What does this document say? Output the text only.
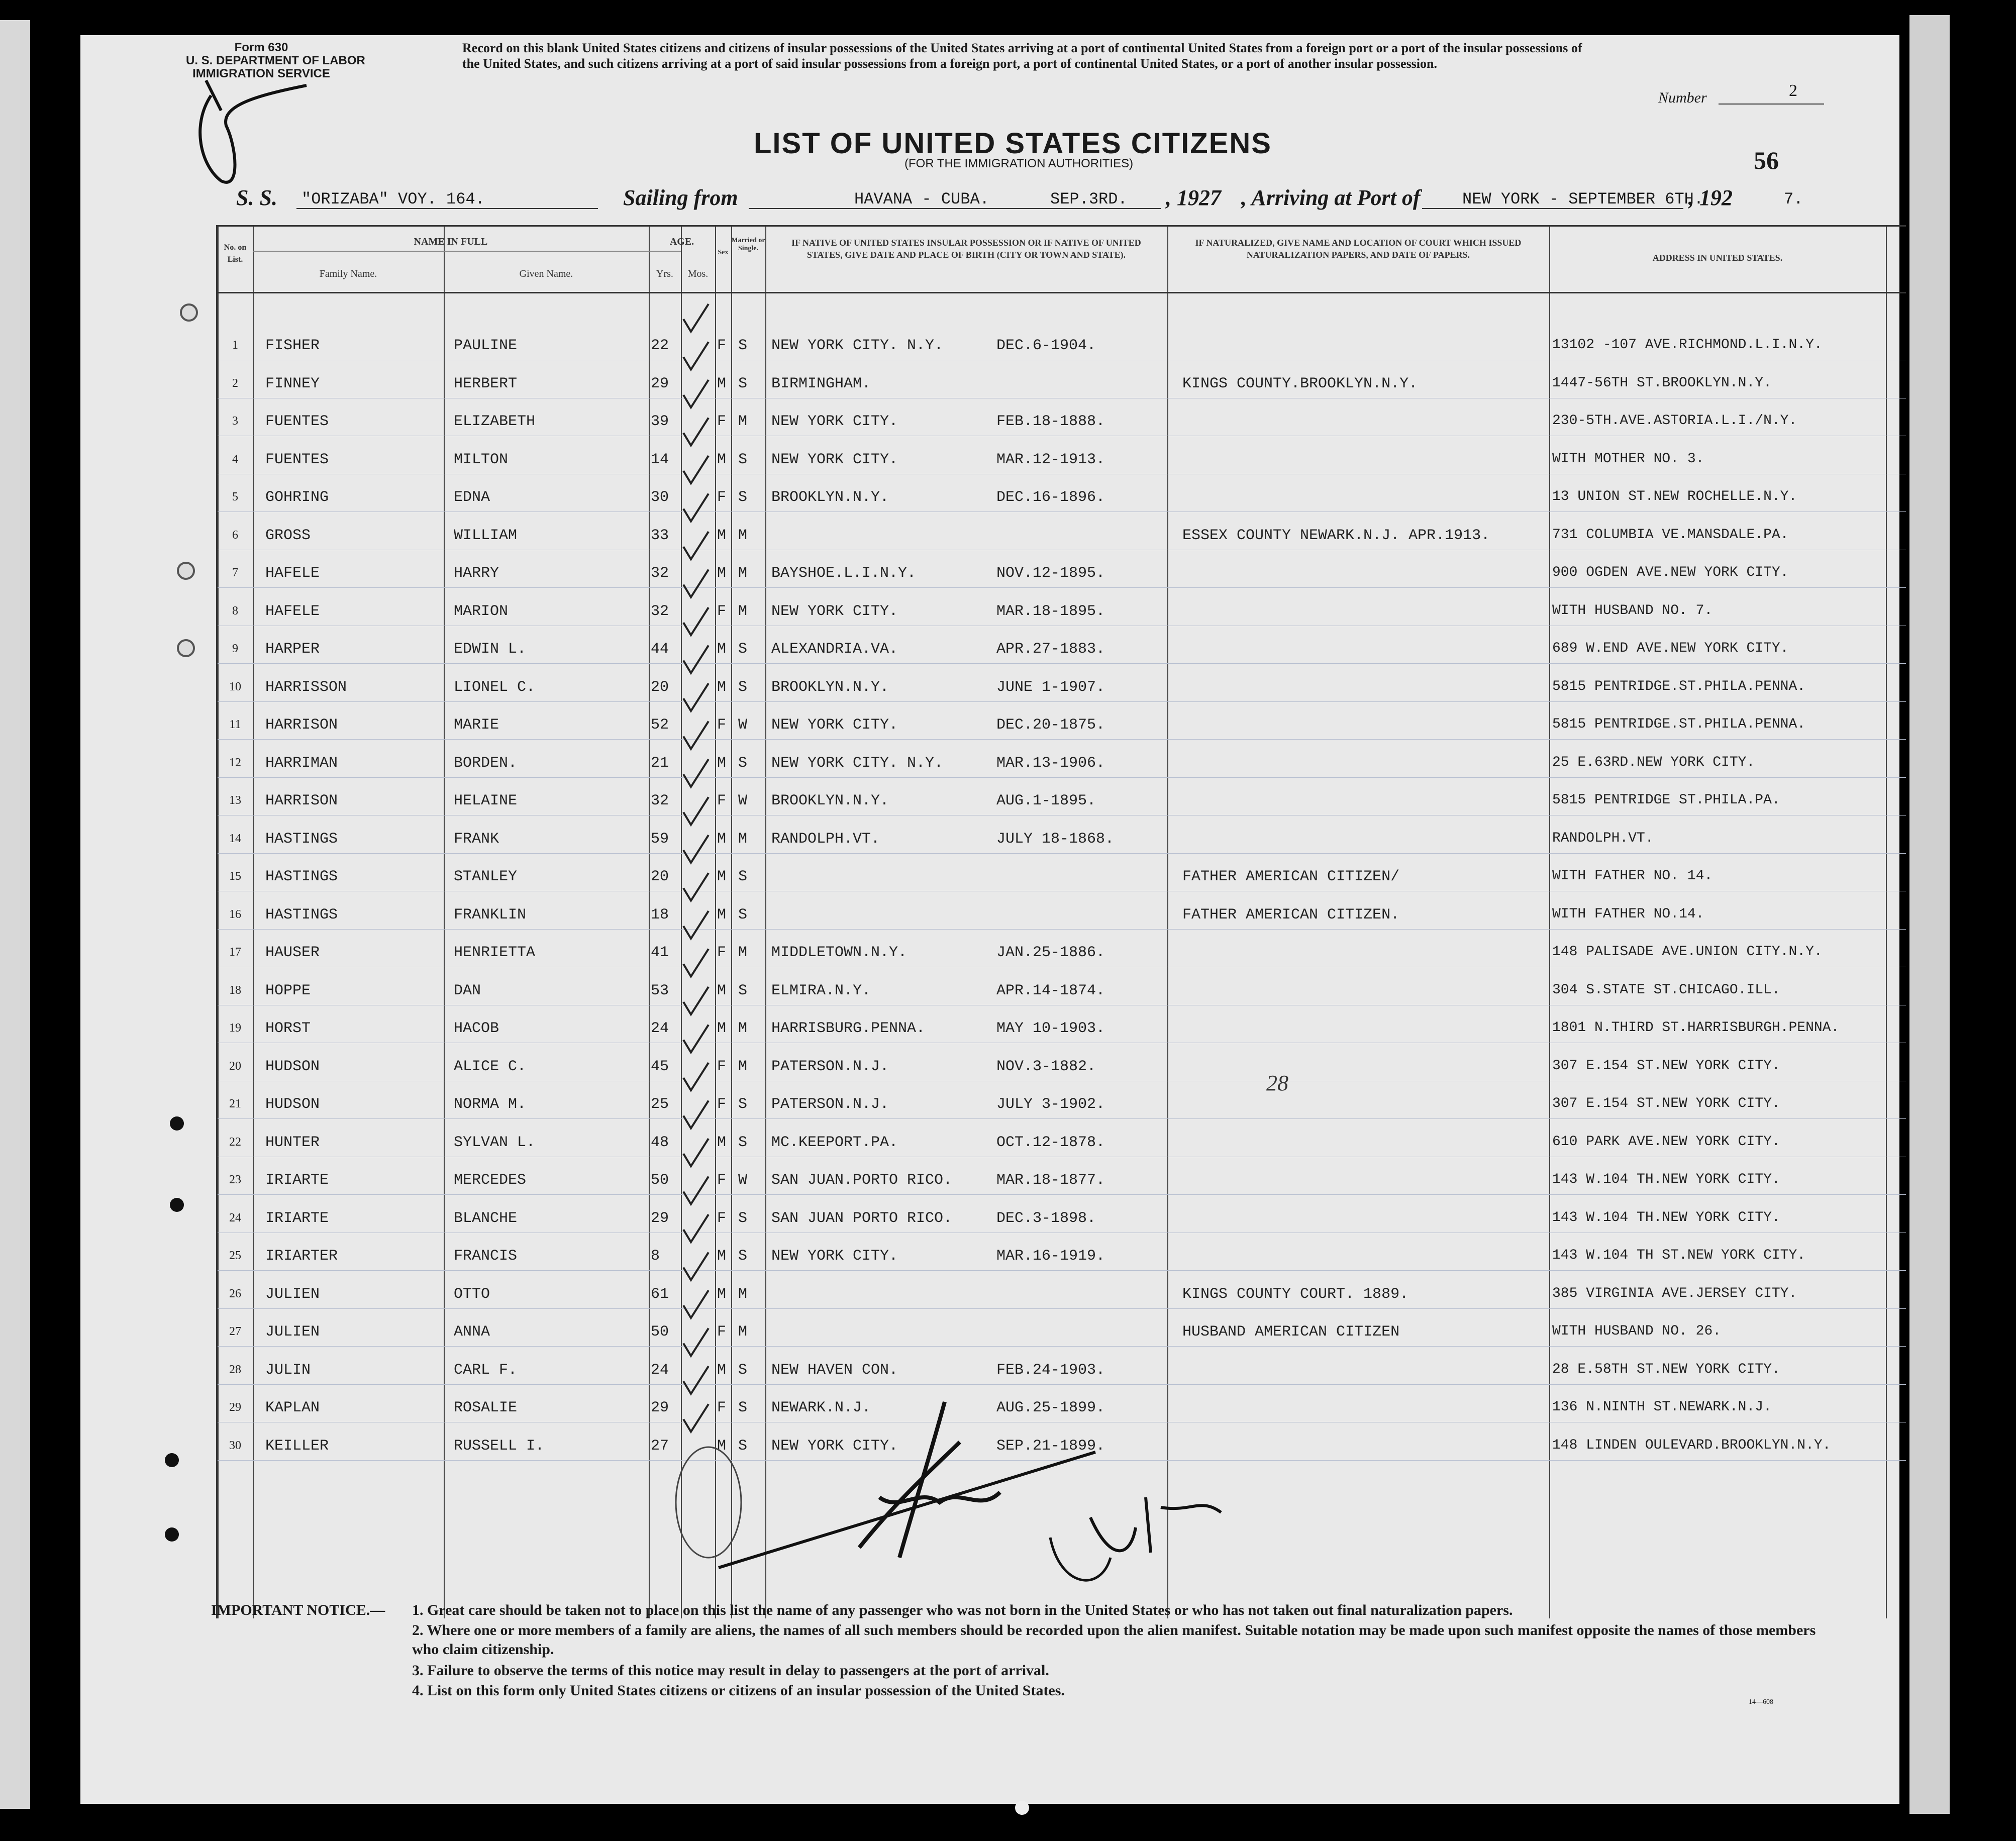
Form 630
U. S. DEPARTMENT OF LABOR
IMMIGRATION SERVICE
Record on this blank United States citizens and citizens of insular possessions of the United States arriving at a port of continental United States from a foreign port or a port of the insular possessions of the United States, and such citizens arriving at a port of said insular possessions from a foreign port, a port of continental United States, or a port of another insular possession.
Number	2
LIST OF UNITED STATES CITIZENS
(FOR THE IMMIGRATION AUTHORITIES)	56
S. S. "ORIZABA" VOY. 164.	Sailing from	HAVANA - CUBA.	SEP.3RD. , 1927 , Arriving at Port of	NEW YORK - SEPTEMBER 6TH.
, 192	7.
No. on List.
NAME IN FULL
Family Name.	Given Name.
AGE.
Yrs.	Mos.
Sex
Married or Single.
IF NATIVE OF UNITED STATES INSULAR POSSESSION OR IF NATIVE OF UNITED STATES, GIVE DATE AND PLACE OF BIRTH (CITY OR TOWN AND STATE).
IF NATURALIZED, GIVE NAME AND LOCATION OF COURT WHICH ISSUED NATURALIZATION PAPERS, AND DATE OF PAPERS.	ADDRESS IN UNITED STATES.
1	FISHER	PAULINE	22	F S NEW YORK CITY. N.Y.	DEC.6-1904.	13102 -107 AVE.RICHMOND.L.I.N.Y.
2	FINNEY	HERBERT	29	M S BIRMINGHAM.	KINGS COUNTY.BROOKLYN.N.Y.	1447-56TH ST.BROOKLYN.N.Y.
3	FUENTES	ELIZABETH	39	F M NEW YORK CITY.	FEB.18-1888.	230-5TH.AVE.ASTORIA.L.I./N.Y.
4	FUENTES	MILTON	14	M S NEW YORK CITY.	MAR.12-1913.	WITH MOTHER NO. 3.
5	GOHRING	EDNA	30	F S BROOKLYN.N.Y.	DEC.16-1896.	13 UNION ST.NEW ROCHELLE.N.Y.
6	GROSS	WILLIAM	33	M M	ESSEX COUNTY NEWARK.N.J. APR.1913.	731 COLUMBIA VE.MANSDALE.PA.
7	HAFELE	HARRY	32	M M BAYSHOE.L.I.N.Y.	NOV.12-1895.	900 OGDEN AVE.NEW YORK CITY.
8	HAFELE	MARION	32	F M NEW YORK CITY.	MAR.18-1895.	WITH HUSBAND NO. 7.
9	HARPER	EDWIN L.	44	M S ALEXANDRIA.VA.	APR.27-1883.	689 W.END AVE.NEW YORK CITY.
10	HARRISSON	LIONEL C.	20	M S BROOKLYN.N.Y.	JUNE 1-1907.	5815 PENTRIDGE.ST.PHILA.PENNA.
11	HARRISON	MARIE	52	F W NEW YORK CITY.	DEC.20-1875.	5815 PENTRIDGE.ST.PHILA.PENNA.
12	HARRIMAN	BORDEN.	21	M S NEW YORK CITY. N.Y.	MAR.13-1906.	25 E.63RD.NEW YORK CITY.
13	HARRISON	HELAINE	32	F W BROOKLYN.N.Y.	AUG.1-1895.	5815 PENTRIDGE ST.PHILA.PA.
14	HASTINGS	FRANK	59	M M RANDOLPH.VT.	JULY 18-1868.	RANDOLPH.VT.
15	HASTINGS	STANLEY	20	M S	FATHER AMERICAN CITIZEN/	WITH FATHER NO. 14.
16	HASTINGS	FRANKLIN	18	M S	FATHER AMERICAN CITIZEN.	WITH FATHER NO.14.
17	HAUSER	HENRIETTA	41	F M MIDDLETOWN.N.Y.	JAN.25-1886.	148 PALISADE AVE.UNION CITY.N.Y.
18	HOPPE	DAN	53	M S ELMIRA.N.Y.	APR.14-1874.	304 S.STATE ST.CHICAGO.ILL.
19	HORST	HACOB	24	M M HARRISBURG.PENNA.	MAY 10-1903.	1801 N.THIRD ST.HARRISBURGH.PENNA.
20	HUDSON	ALICE C.	45	F M PATERSON.N.J.	NOV.3-1882.	307 E.154 ST.NEW YORK CITY.
21	HUDSON	NORMA M.	25	F S PATERSON.N.J.	JULY 3-1902.	307 E.154 ST.NEW YORK CITY.
22	HUNTER	SYLVAN L.	48	M S MC.KEEPORT.PA.	OCT.12-1878.	610 PARK AVE.NEW YORK CITY.
23	IRIARTE	MERCEDES	50	F W SAN JUAN.PORTO RICO.	MAR.18-1877.	143 W.104 TH.NEW YORK CITY.
24	IRIARTE	BLANCHE	29	F S SAN JUAN PORTO RICO.	DEC.3-1898.	143 W.104 TH.NEW YORK CITY.
25	IRIARTER	FRANCIS	8	M S NEW YORK CITY.	MAR.16-1919.	143 W.104 TH ST.NEW YORK CITY.
26	JULIEN	OTTO	61	M M	KINGS COUNTY COURT. 1889.	385 VIRGINIA AVE.JERSEY CITY.
27	JULIEN	ANNA	50	F M	HUSBAND AMERICAN CITIZEN	WITH HUSBAND NO. 26.
28	JULIN	CARL F.	24	M S NEW HAVEN CON.	FEB.24-1903.	28 E.58TH ST.NEW YORK CITY.
29	KAPLAN	ROSALIE	29	F S NEWARK.N.J.	AUG.25-1899.	136 N.NINTH ST.NEWARK.N.J.
30	KEILLER	RUSSELL I.	27	M S NEW YORK CITY.	SEP.21-1899.	148 LINDEN OULEVARD.BROOKLYN.N.Y.
28
IMPORTANT NOTICE.— 1. Great care should be taken not to place on this list the name of any passenger who was not born in the United States or who has not taken out final naturalization papers.
2. Where one or more members of a family are aliens, the names of all such members should be recorded upon the alien manifest. Suitable notation may be made upon such manifest opposite the names of those members who claim citizenship.
3. Failure to observe the terms of this notice may result in delay to passengers at the port of arrival.
4. List on this form only United States citizens or citizens of an insular possession of the United States.
14—608
